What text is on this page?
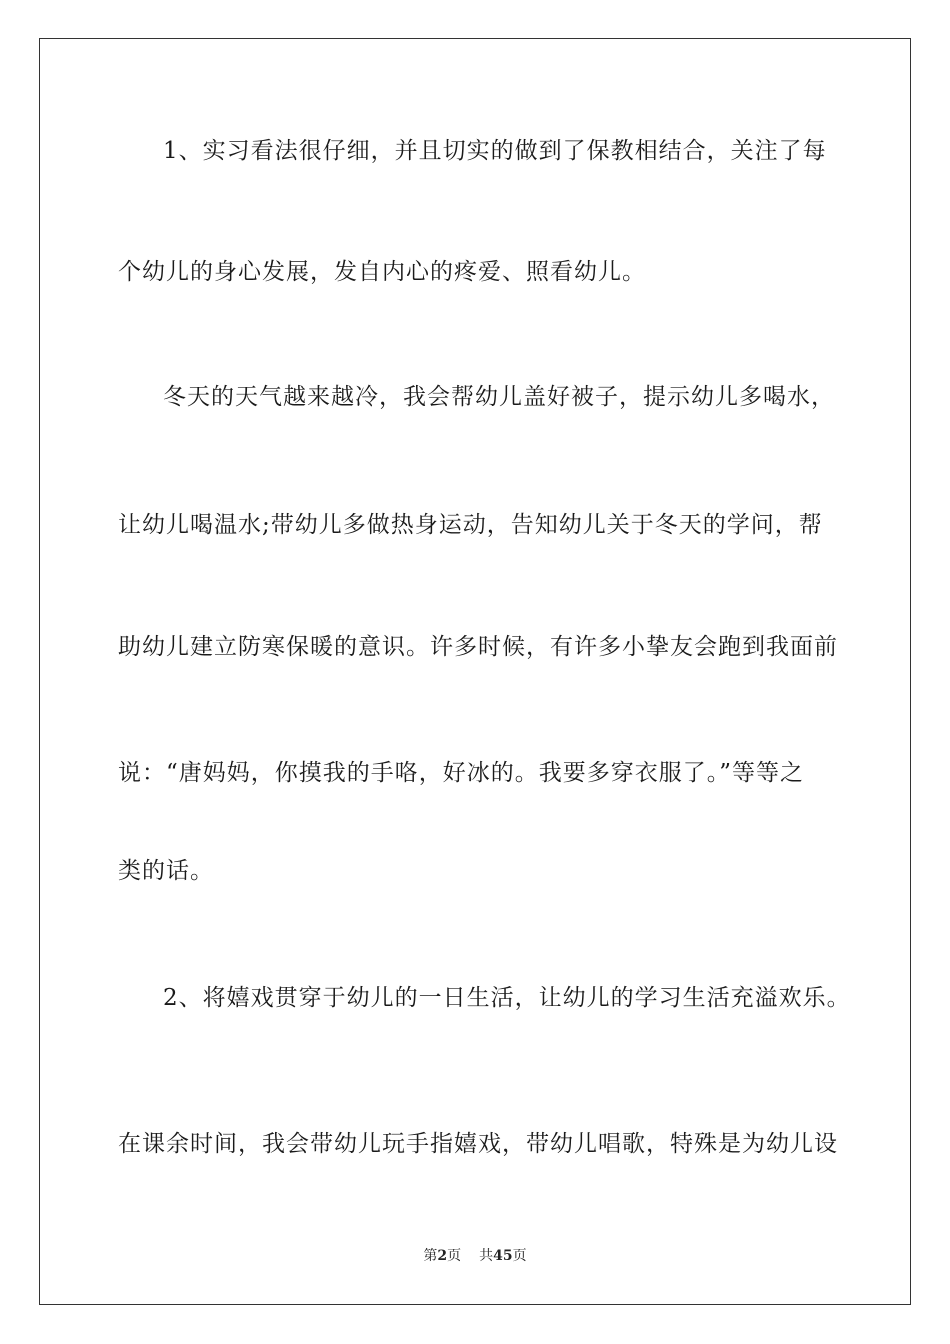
1、实习看法很仔细，并且切实的做到了保教相结合，关注了每
个幼儿的身心发展，发自内心的疼爱、照看幼儿。
冬天的天气越来越冷，我会帮幼儿盖好被子，提示幼儿多喝水，
让幼儿喝温水;带幼儿多做热身运动，告知幼儿关于冬天的学问，帮
助幼儿建立防寒保暖的意识。许多时候，有许多小挚友会跑到我面前
说：“唐妈妈，你摸我的手咯，好冰的。我要多穿衣服了。”等等之
类的话。
2、将嬉戏贯穿于幼儿的一日生活，让幼儿的学习生活充溢欢乐。
在课余时间，我会带幼儿玩手指嬉戏，带幼儿唱歌，特殊是为幼儿设
第2页 共45页
